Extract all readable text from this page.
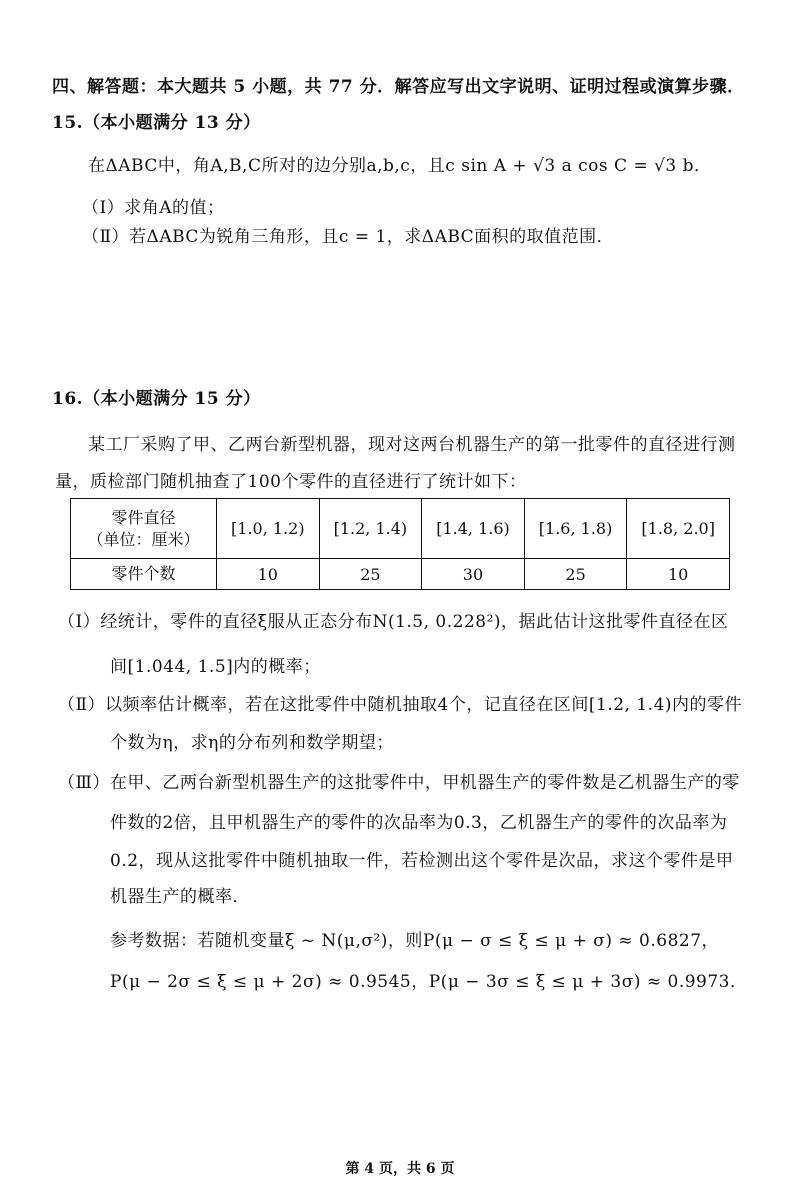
四、解答题：本大题共 5 小题，共 77 分．解答应写出文字说明、证明过程或演算步骤．
15.（本小题满分 13 分）
在ΔABC中，角A,B,C所对的边分别a,b,c，且c sin A + √3 a cos C = √3 b．
（Ⅰ）求角A的值；
（Ⅱ）若ΔABC为锐角三角形，且c = 1，求ΔABC面积的取值范围．
16.（本小题满分 15 分）
某工厂采购了甲、乙两台新型机器，现对这两台机器生产的第一批零件的直径进行测
量，质检部门随机抽查了100个零件的直径进行了统计如下：
零件直径
（单位：厘米）	[1.0, 1.2)	[1.2, 1.4)	[1.4, 1.6)	[1.6, 1.8)	[1.8, 2.0]
零件个数	10	25	30	25	10
（Ⅰ）经统计，零件的直径ξ服从正态分布N(1.5, 0.228²)，据此估计这批零件直径在区
间[1.044, 1.5]内的概率；
（Ⅱ）以频率估计概率，若在这批零件中随机抽取4个，记直径在区间[1.2, 1.4)内的零件
个数为η，求η的分布列和数学期望；
（Ⅲ）在甲、乙两台新型机器生产的这批零件中，甲机器生产的零件数是乙机器生产的零
件数的2倍，且甲机器生产的零件的次品率为0.3，乙机器生产的零件的次品率为
0.2，现从这批零件中随机抽取一件，若检测出这个零件是次品，求这个零件是甲
机器生产的概率．
参考数据：若随机变量ξ ~ N(μ,σ²)，则P(μ − σ ≤ ξ ≤ μ + σ) ≈ 0.6827，
P(μ − 2σ ≤ ξ ≤ μ + 2σ) ≈ 0.9545，P(μ − 3σ ≤ ξ ≤ μ + 3σ) ≈ 0.9973．
第 4 页，共 6 页
